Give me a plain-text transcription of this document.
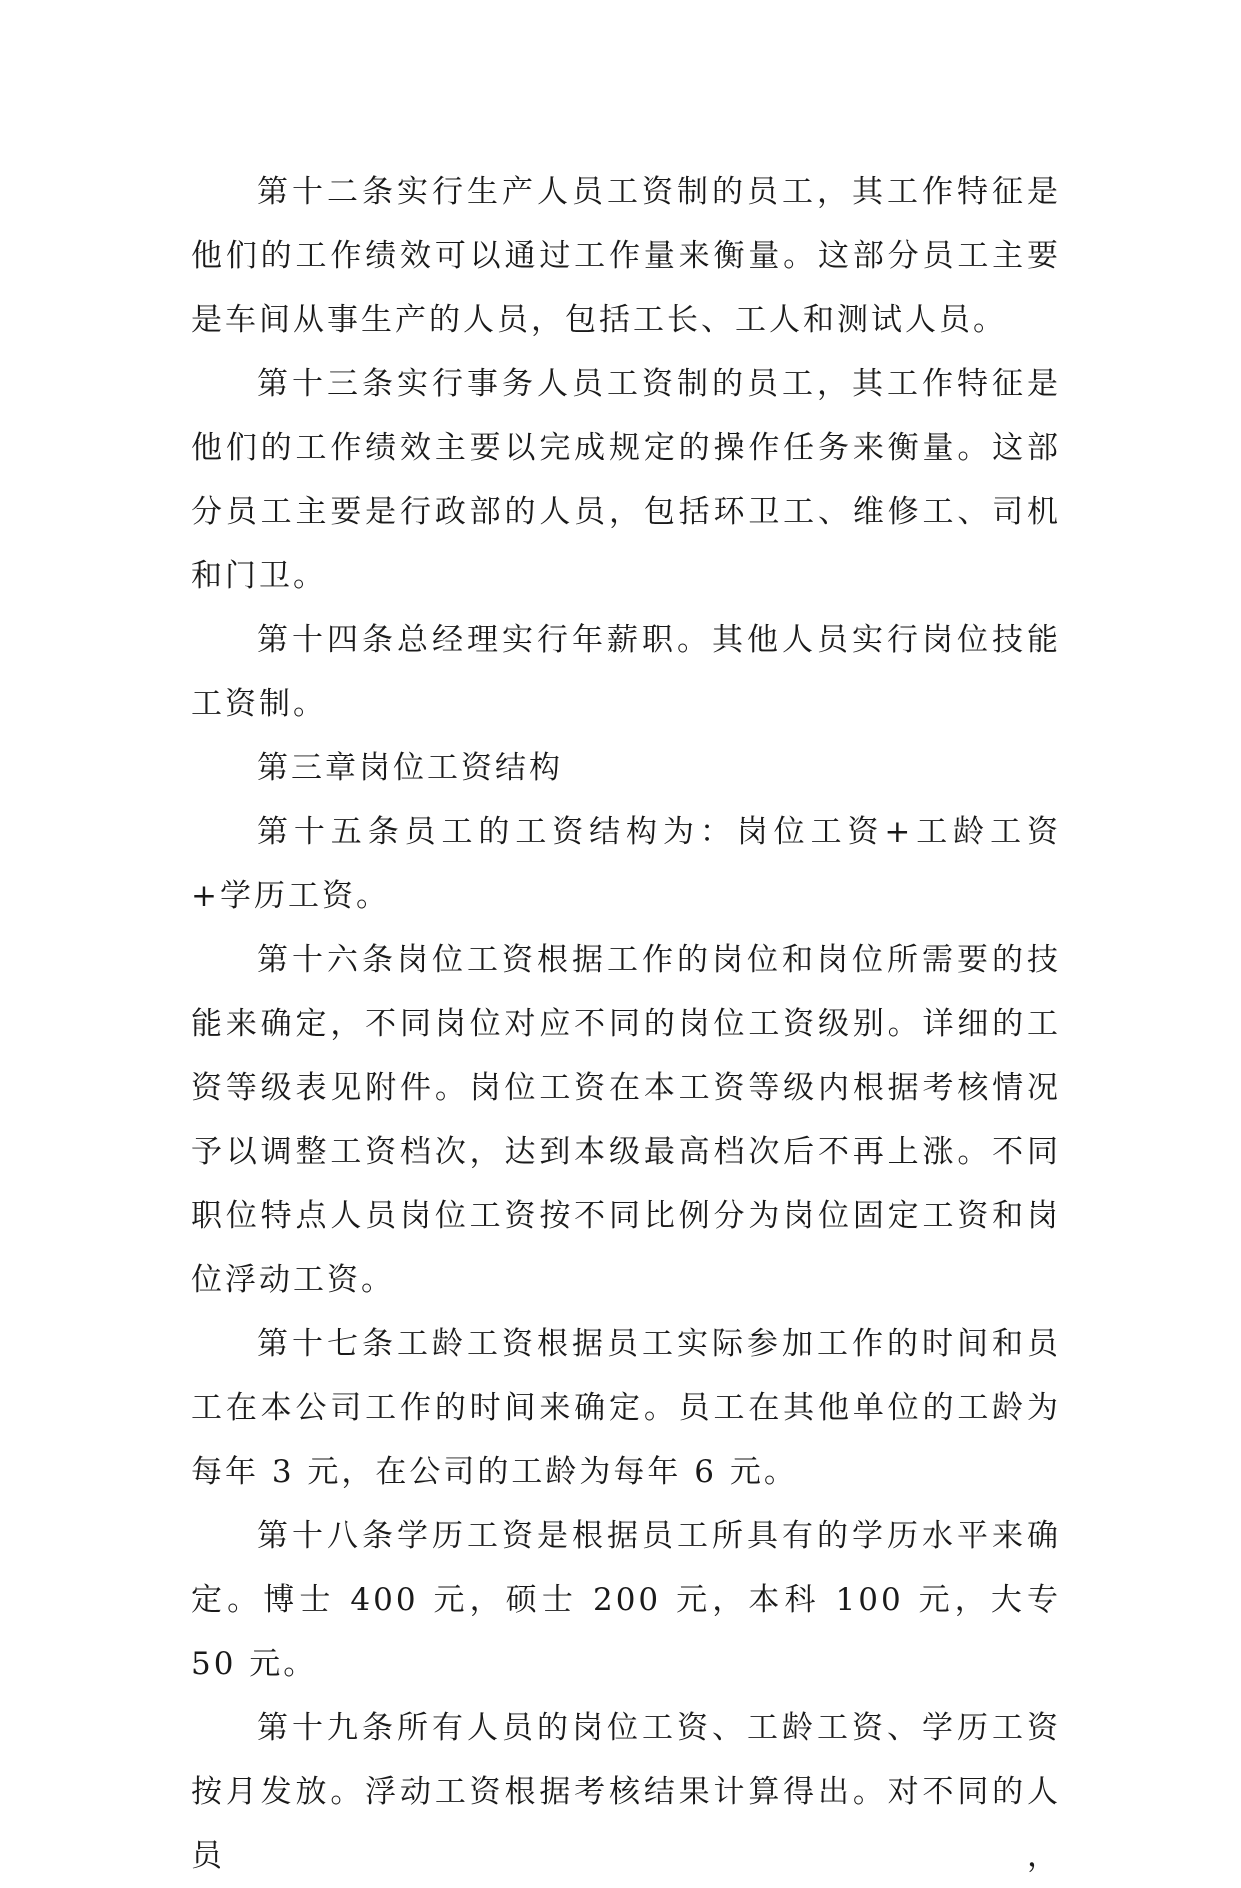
第十二条实行生产人员工资制的员工，其工作特征是他们的工作绩效可以通过工作量来衡量。这部分员工主要是车间从事生产的人员，包括工长、工人和测试人员。

第十三条实行事务人员工资制的员工，其工作特征是他们的工作绩效主要以完成规定的操作任务来衡量。这部分员工主要是行政部的人员，包括环卫工、维修工、司机和门卫。

第十四条总经理实行年薪职。其他人员实行岗位技能工资制。

第三章岗位工资结构

第十五条员工的工资结构为：岗位工资+工龄工资+学历工资。

第十六条岗位工资根据工作的岗位和岗位所需要的技能来确定，不同岗位对应不同的岗位工资级别。详细的工资等级表见附件。岗位工资在本工资等级内根据考核情况予以调整工资档次，达到本级最高档次后不再上涨。不同职位特点人员岗位工资按不同比例分为岗位固定工资和岗位浮动工资。

第十七条工龄工资根据员工实际参加工作的时间和员工在本公司工作的时间来确定。员工在其他单位的工龄为每年 3 元，在公司的工龄为每年 6 元。

第十八条学历工资是根据员工所具有的学历水平来确定。博士 400 元，硕士 200 元，本科 100 元，大专 50 元。

第十九条所有人员的岗位工资、工龄工资、学历工资按月发放。浮动工资根据考核结果计算得出。对不同的人员，
